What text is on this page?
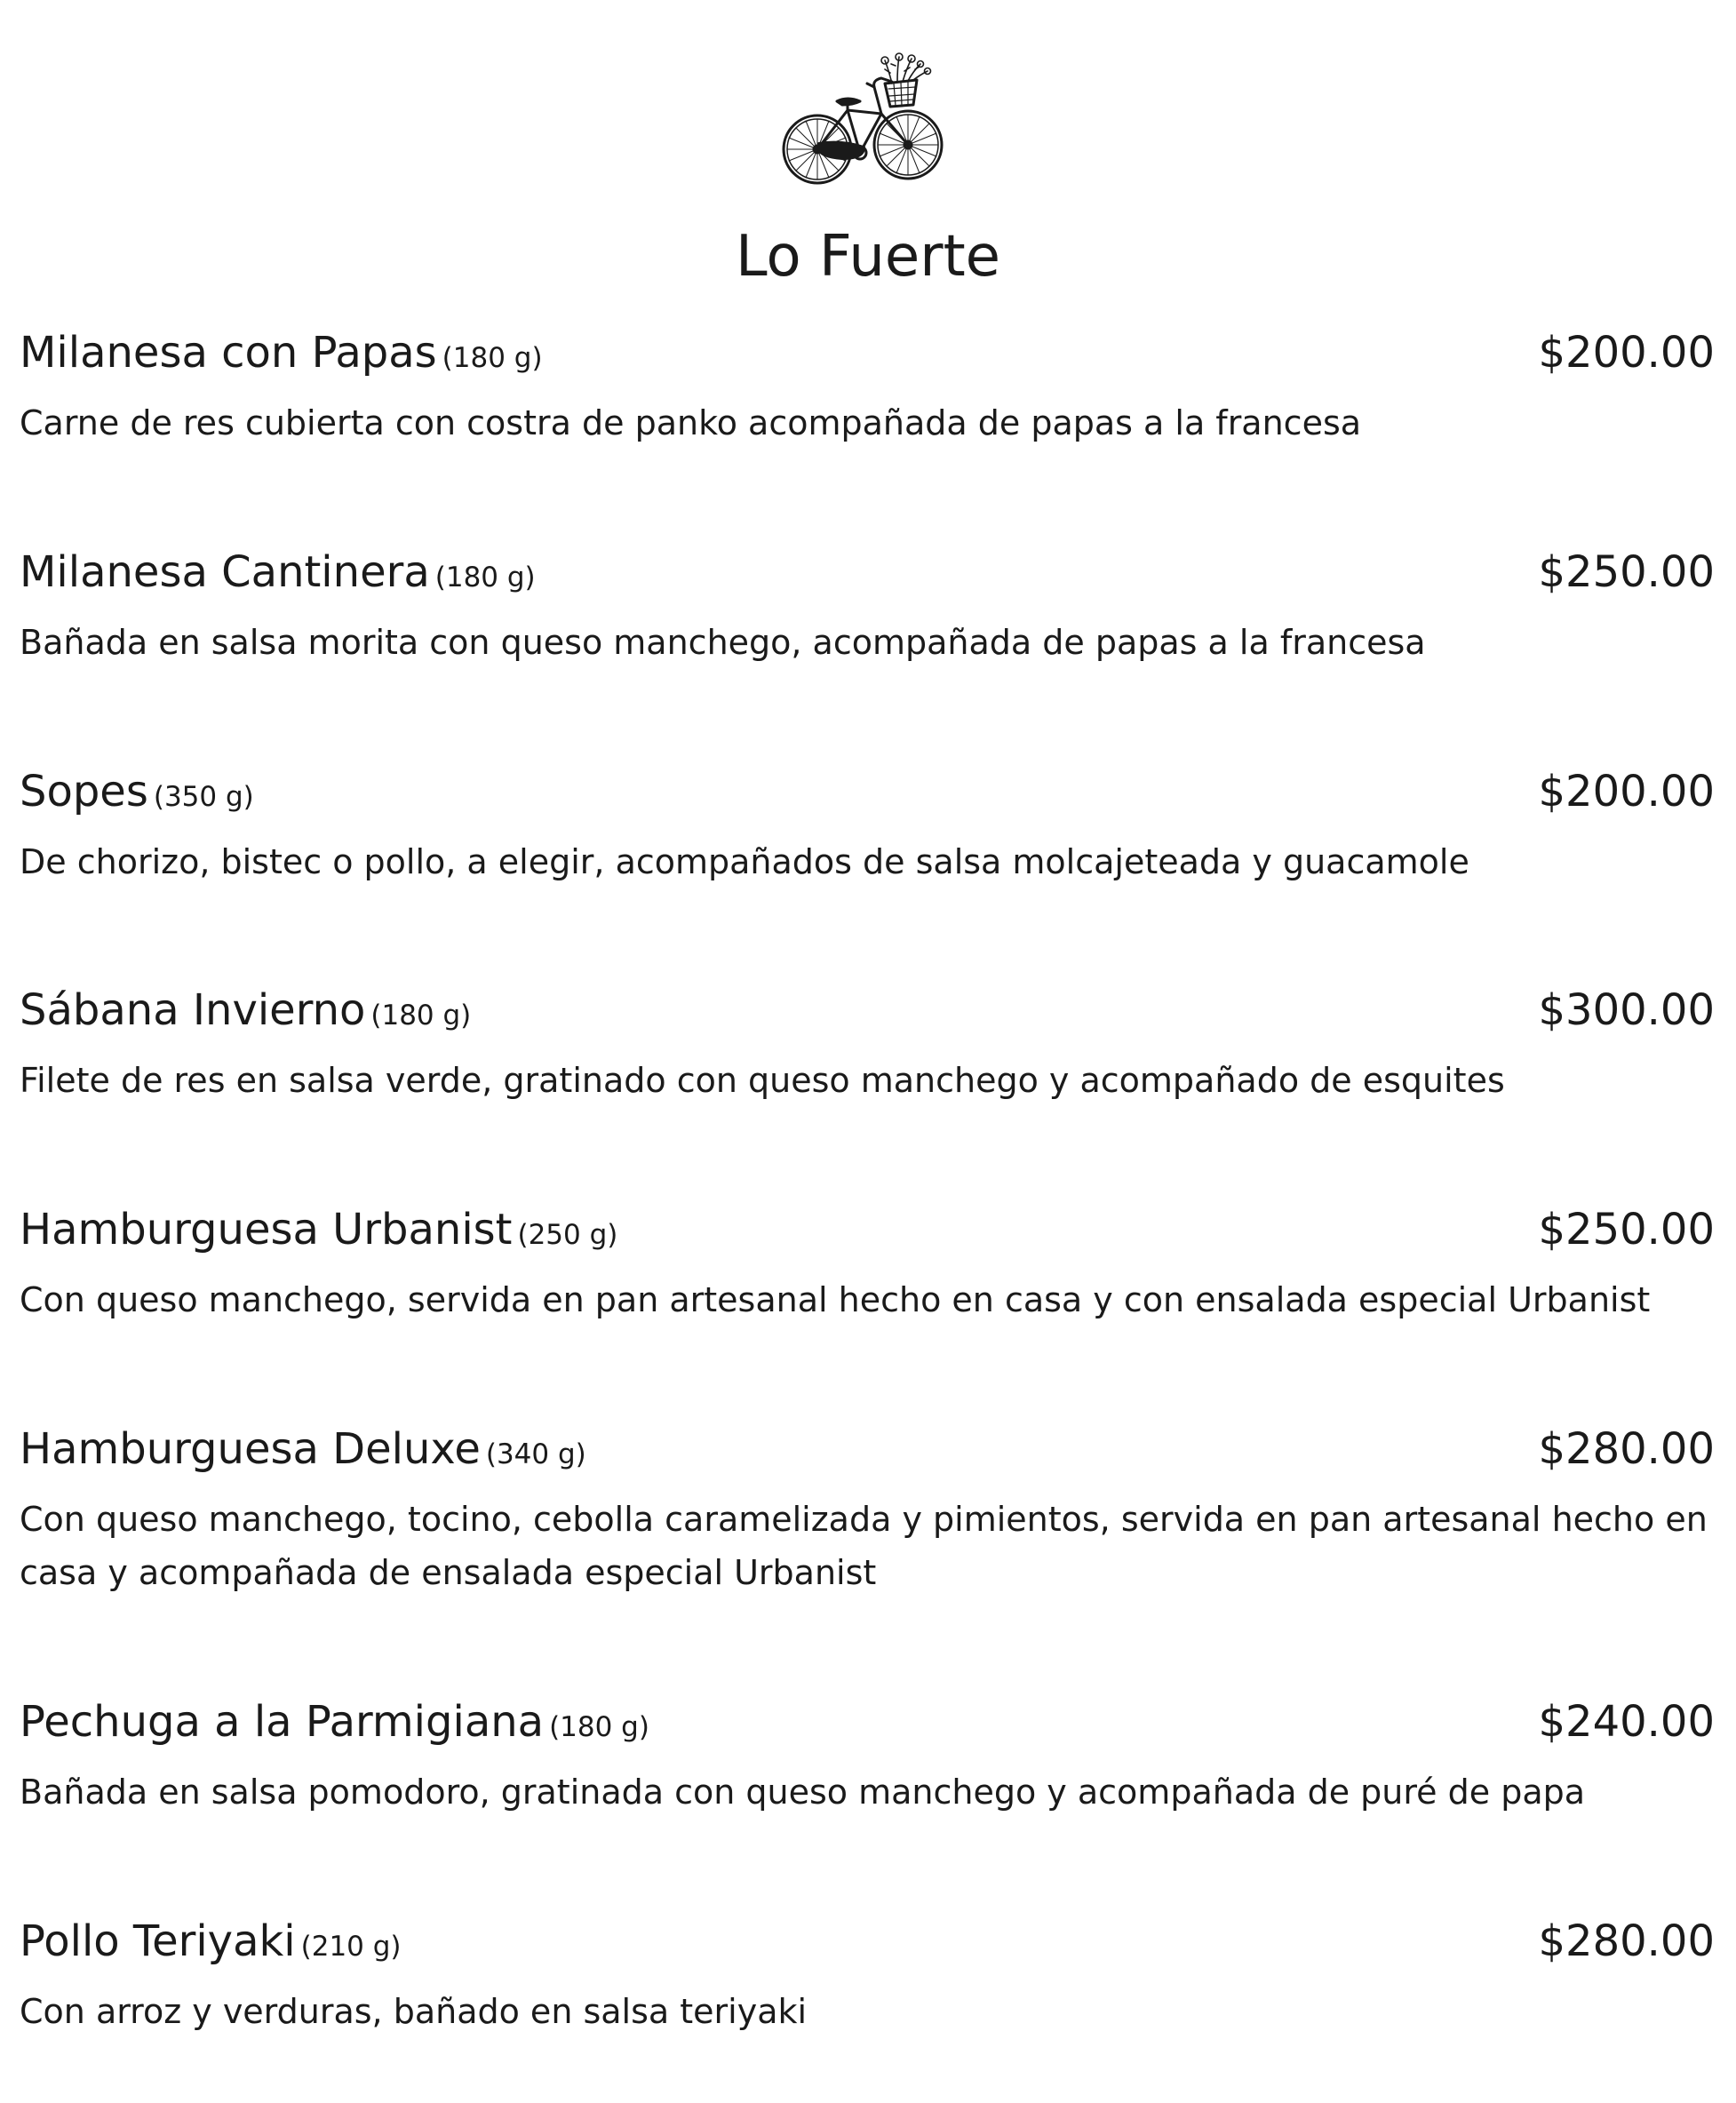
Lo Fuerte
Milanesa con Papas (180 g)	$200.00

Carne de res cubierta con costra de panko acompañada de papas a la francesa

Milanesa Cantinera (180 g)	$250.00

Bañada en salsa morita con queso manchego, acompañada de papas a la francesa

Sopes (350 g)	$200.00

De chorizo, bistec o pollo, a elegir, acompañados de salsa molcajeteada y guacamole

Sábana Invierno (180 g)	$300.00

Filete de res en salsa verde, gratinado con queso manchego y acompañado de esquites

Hamburguesa Urbanist (250 g)	$250.00

Con queso manchego, servida en pan artesanal hecho en casa y con ensalada especial Urbanist

Hamburguesa Deluxe (340 g)	$280.00

Con queso manchego, tocino, cebolla caramelizada y pimientos, servida en pan artesanal hecho en casa y acompañada de ensalada especial Urbanist

Pechuga a la Parmigiana (180 g)	$240.00

Bañada en salsa pomodoro, gratinada con queso manchego y acompañada de puré de papa

Pollo Teriyaki (210 g)	$280.00

Con arroz y verduras, bañado en salsa teriyaki
